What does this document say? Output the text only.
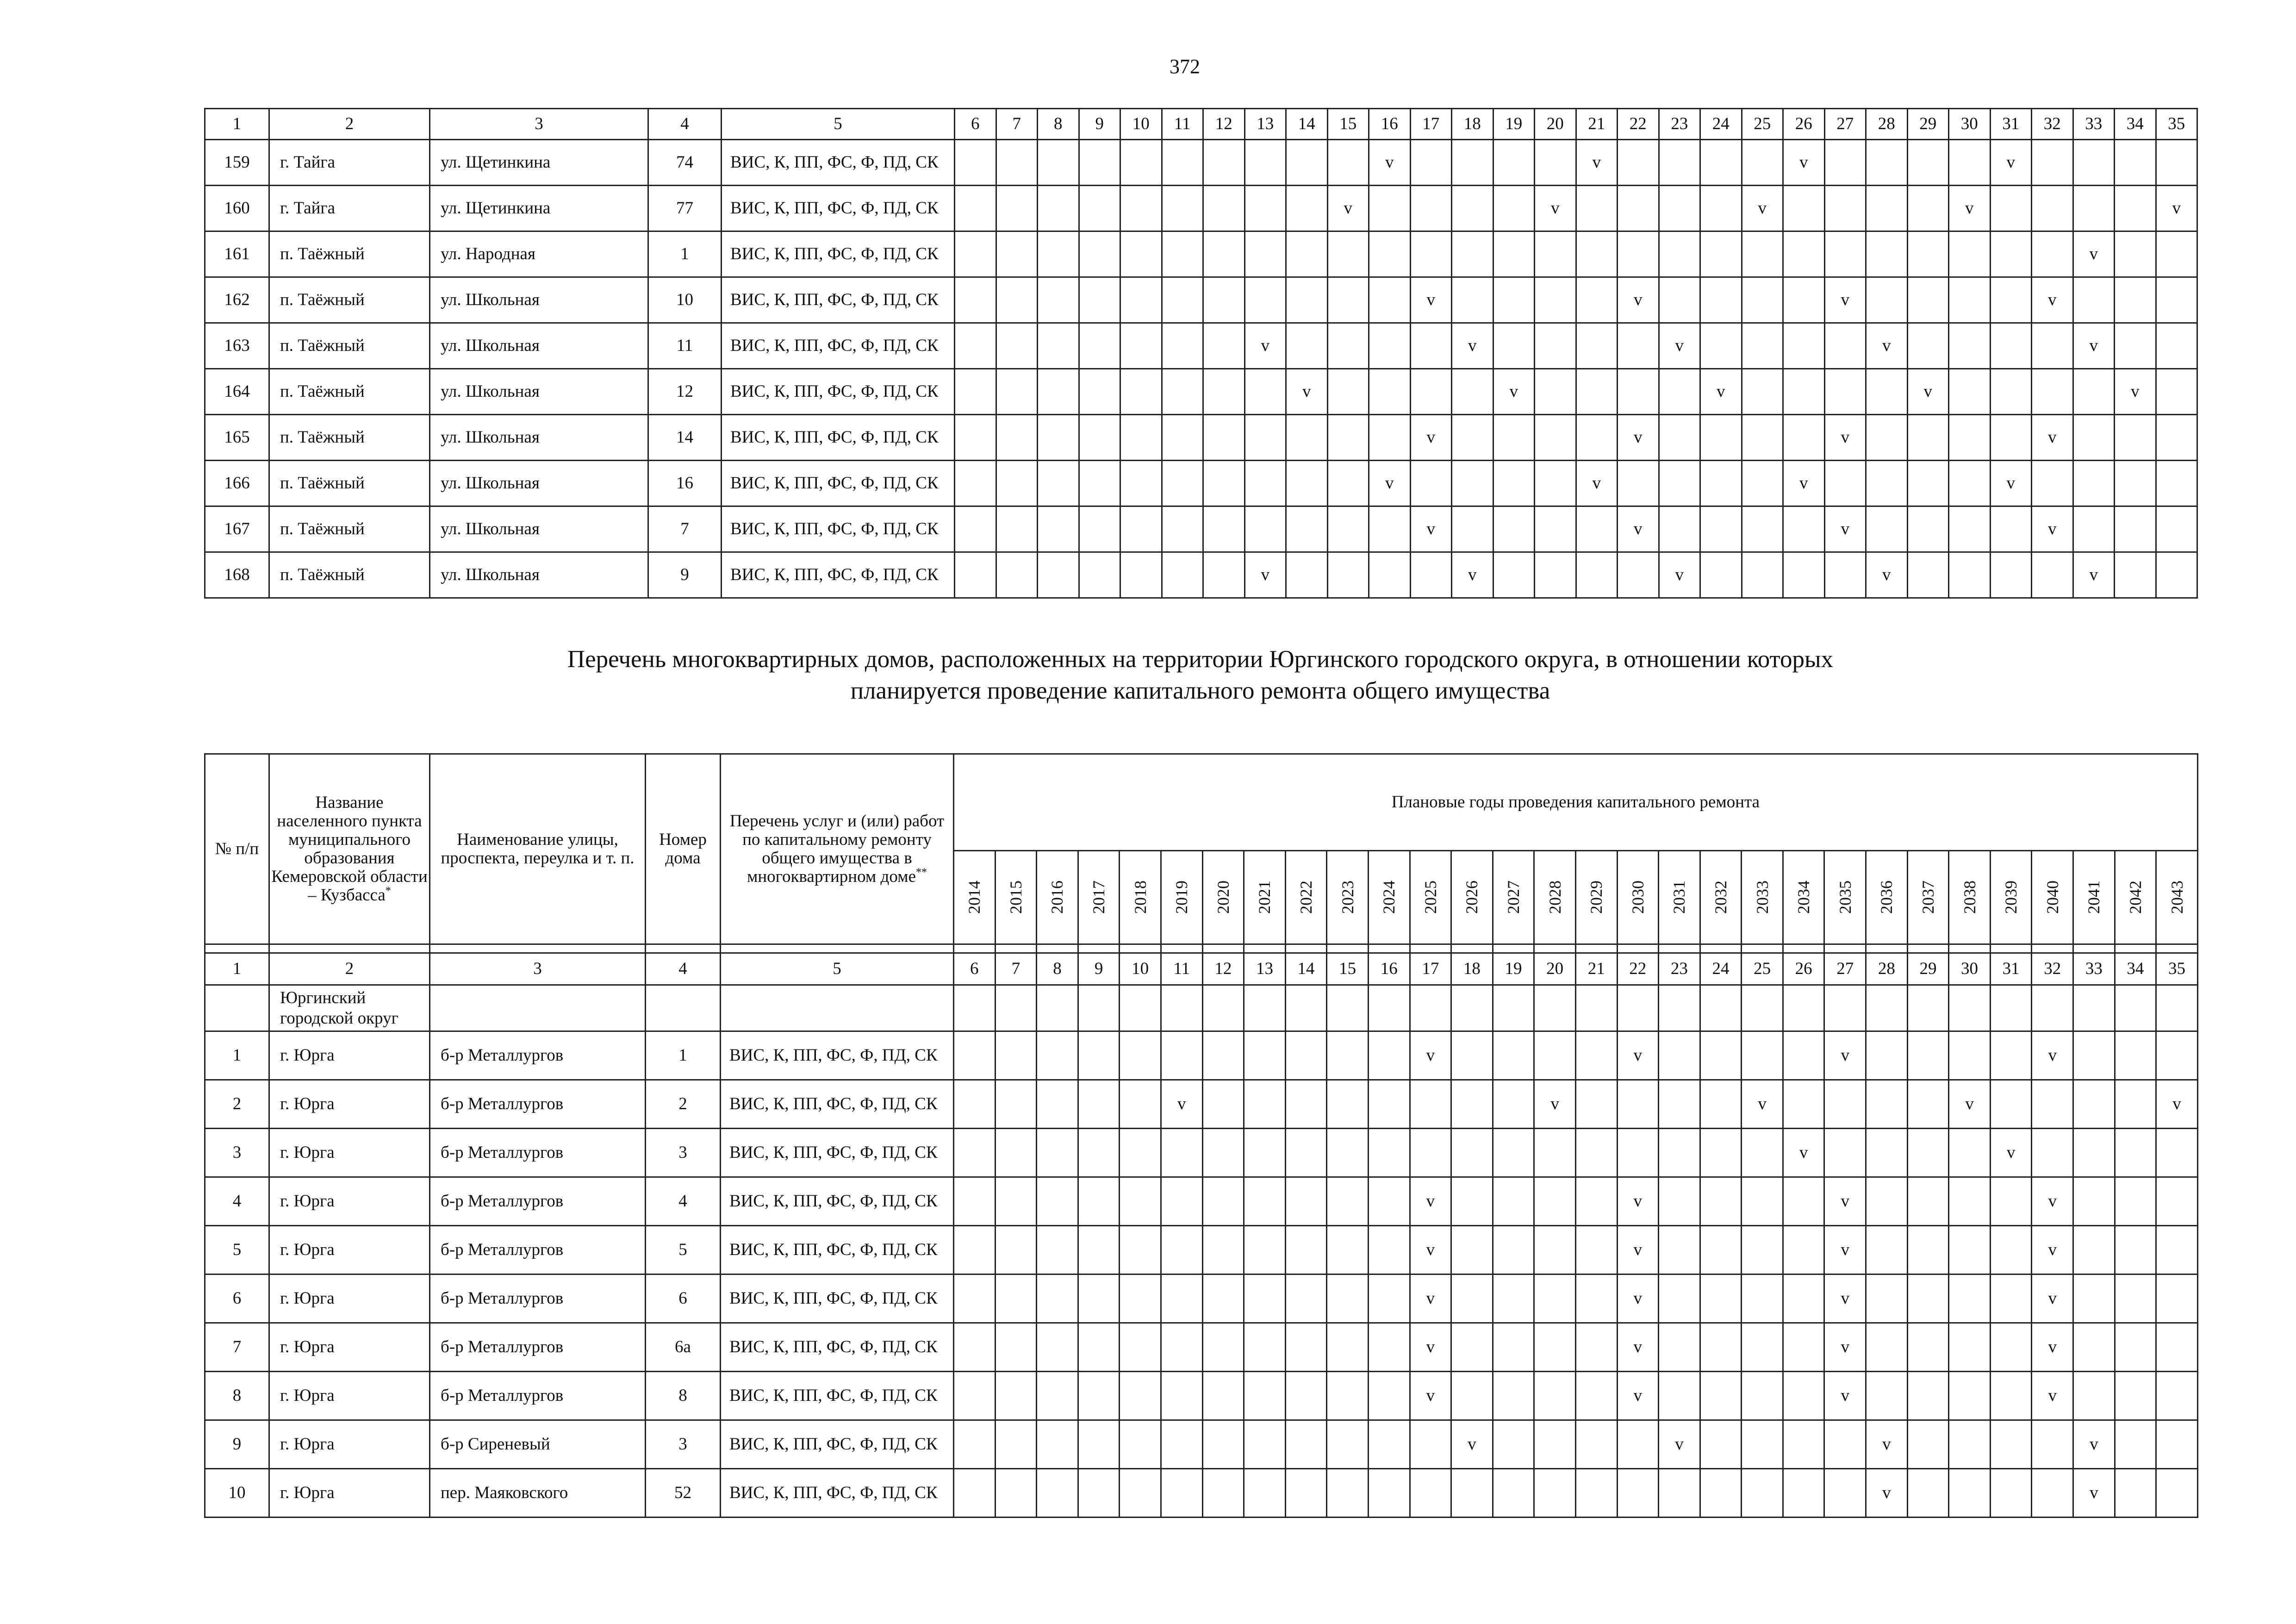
372
1	2	3	4	5	6	7	8	9	10	11	12	13	14	15	16	17	18	19	20	21	22	23	24	25	26	27	28	29	30	31	32	33	34	35
159	г. Тайга	ул. Щетинкина	74	ВИС, К, ПП, ФС, Ф, ПД, СК											v					v					v					v				
160	г. Тайга	ул. Щетинкина	77	ВИС, К, ПП, ФС, Ф, ПД, СК										v					v					v					v					v
161	п. Таёжный	ул. Народная	1	ВИС, К, ПП, ФС, Ф, ПД, СК																												v		
162	п. Таёжный	ул. Школьная	10	ВИС, К, ПП, ФС, Ф, ПД, СК												v					v					v					v			
163	п. Таёжный	ул. Школьная	11	ВИС, К, ПП, ФС, Ф, ПД, СК								v					v					v					v					v		
164	п. Таёжный	ул. Школьная	12	ВИС, К, ПП, ФС, Ф, ПД, СК									v					v					v					v					v	
165	п. Таёжный	ул. Школьная	14	ВИС, К, ПП, ФС, Ф, ПД, СК												v					v					v					v			
166	п. Таёжный	ул. Школьная	16	ВИС, К, ПП, ФС, Ф, ПД, СК											v					v					v					v				
167	п. Таёжный	ул. Школьная	7	ВИС, К, ПП, ФС, Ф, ПД, СК												v					v					v					v			
168	п. Таёжный	ул. Школьная	9	ВИС, К, ПП, ФС, Ф, ПД, СК								v					v					v					v					v		
Перечень многоквартирных домов, расположенных на территории Юргинского городского округа, в отношении которых
планируется проведение капитального ремонта общего имущества
№ п/п	Название населенного пункта муниципального образования Кемеровской области – Кузбасса*	Наименование улицы, проспекта, переулка и т. п.	Номер дома	Перечень услуг и (или) работ по капитальному ремонту общего имущества в многоквартирном доме**	Плановые годы проведения капитального ремонта																													
					2014	2015	2016	2017	2018	2019	2020	2021	2022	2023	2024	2025	2026	2027	2028	2029	2030	2031	2032	2033	2034	2035	2036	2037	2038	2039	2040	2041	2042	2043

1	2	3	4	5	6	7	8	9	10	11	12	13	14	15	16	17	18	19	20	21	22	23	24	25	26	27	28	29	30	31	32	33	34	35
	Юргинский городской округ																																	
1	г. Юрга	б-р Металлургов	1	ВИС, К, ПП, ФС, Ф, ПД, СК												v					v					v					v			
2	г. Юрга	б-р Металлургов	2	ВИС, К, ПП, ФС, Ф, ПД, СК						v									v					v					v					v
3	г. Юрга	б-р Металлургов	3	ВИС, К, ПП, ФС, Ф, ПД, СК																					v					v				
4	г. Юрга	б-р Металлургов	4	ВИС, К, ПП, ФС, Ф, ПД, СК												v					v					v					v			
5	г. Юрга	б-р Металлургов	5	ВИС, К, ПП, ФС, Ф, ПД, СК												v					v					v					v			
6	г. Юрга	б-р Металлургов	6	ВИС, К, ПП, ФС, Ф, ПД, СК												v					v					v					v			
7	г. Юрга	б-р Металлургов	6а	ВИС, К, ПП, ФС, Ф, ПД, СК												v					v					v					v			
8	г. Юрга	б-р Металлургов	8	ВИС, К, ПП, ФС, Ф, ПД, СК												v					v					v					v			
9	г. Юрга	б-р Сиреневый	3	ВИС, К, ПП, ФС, Ф, ПД, СК													v					v					v					v		
10	г. Юрга	пер. Маяковского	52	ВИС, К, ПП, ФС, Ф, ПД, СК																							v					v		
